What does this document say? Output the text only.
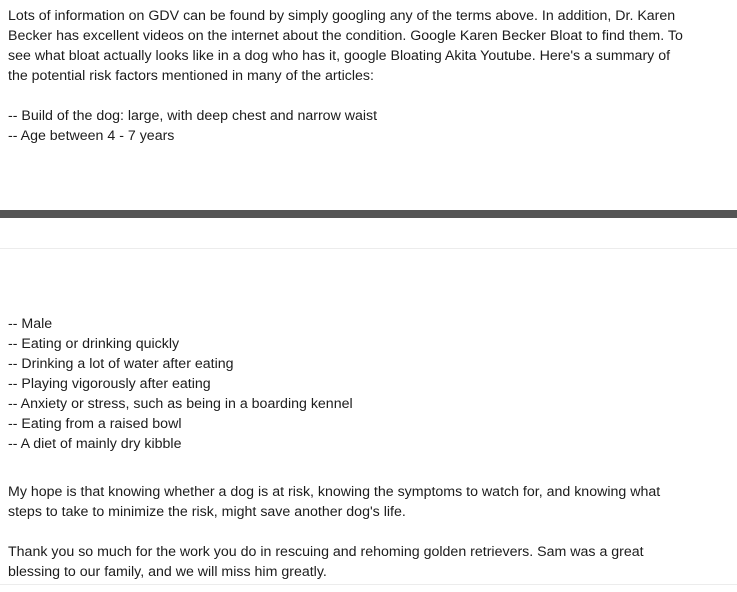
Lots of information on GDV can be found by simply googling any of the terms above. In addition, Dr. Karen
Becker has excellent videos on the internet about the condition. Google Karen Becker Bloat to find them. To
see what bloat actually looks like in a dog who has it, google Bloating Akita Youtube. Here's a summary of
the potential risk factors mentioned in many of the articles:
-- Build of the dog: large, with deep chest and narrow waist
-- Age between 4 - 7 years
-- Male
-- Eating or drinking quickly
-- Drinking a lot of water after eating
-- Playing vigorously after eating
-- Anxiety or stress, such as being in a boarding kennel
-- Eating from a raised bowl
-- A diet of mainly dry kibble
My hope is that knowing whether a dog is at risk, knowing the symptoms to watch for, and knowing what
steps to take to minimize the risk, might save another dog's life.
Thank you so much for the work you do in rescuing and rehoming golden retrievers. Sam was a great
blessing to our family, and we will miss him greatly.
